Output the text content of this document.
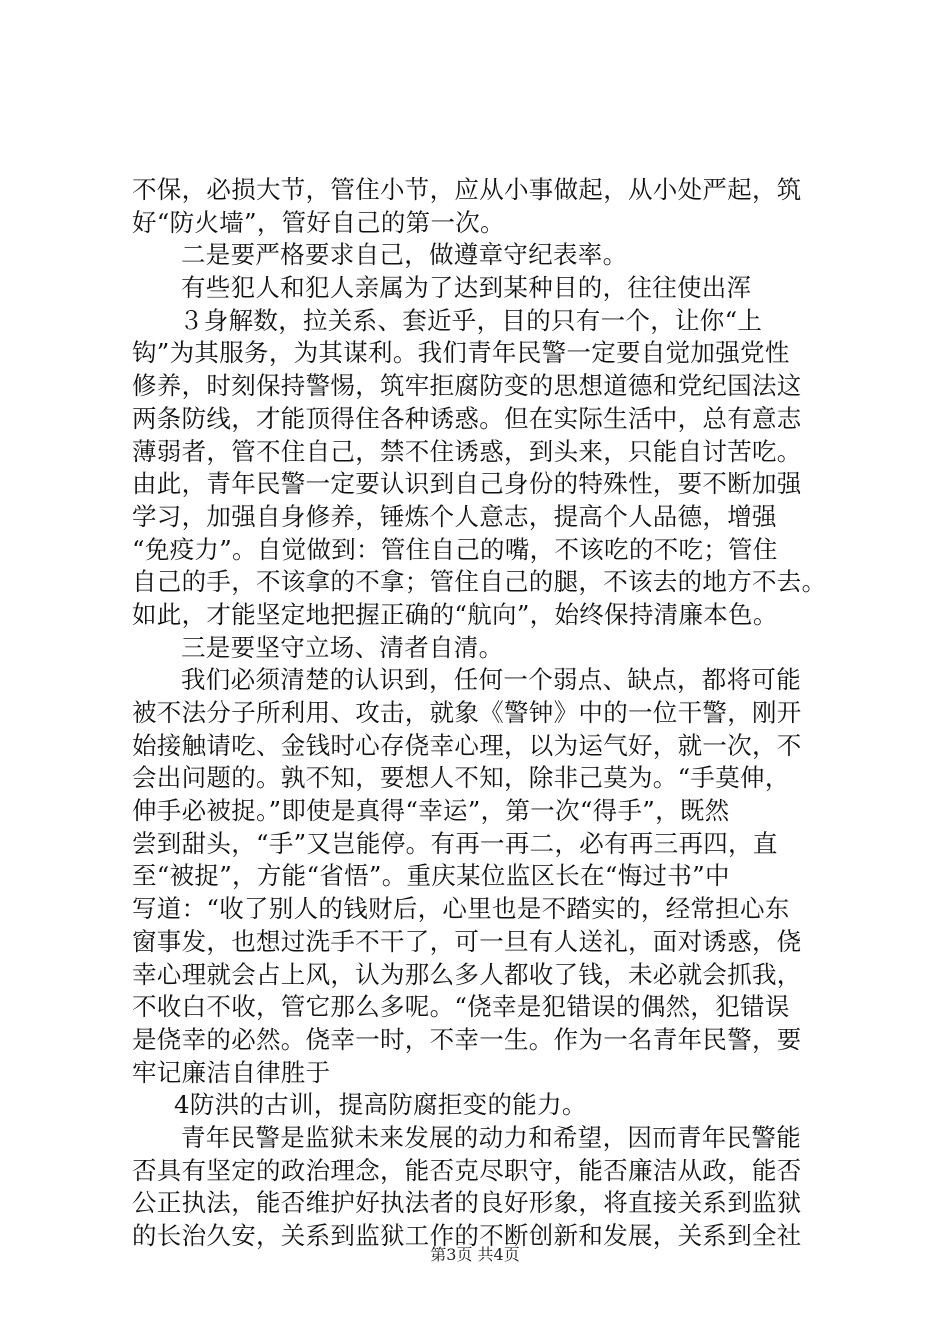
不保，必损大节，管住小节，应从小事做起，从小处严起，筑
好“防火墙”，管好自己的第一次。
二是要严格要求自己，做遵章守纪表率。
有些犯人和犯人亲属为了达到某种目的，往往使出浑
３身解数，拉关系、套近乎，目的只有一个，让你“上
钩”为其服务，为其谋利。我们青年民警一定要自觉加强党性
修养，时刻保持警惕，筑牢拒腐防变的思想道德和党纪国法这
两条防线，才能顶得住各种诱惑。但在实际生活中，总有意志
薄弱者，管不住自己，禁不住诱惑，到头来，只能自讨苦吃。
由此，青年民警一定要认识到自己身份的特殊性，要不断加强
学习，加强自身修养，锤炼个人意志，提高个人品德，增强
“免疫力”。自觉做到：管住自己的嘴，不该吃的不吃；管住
自己的手，不该拿的不拿；管住自己的腿，不该去的地方不去。
如此，才能坚定地把握正确的“航向”，始终保持清廉本色。
三是要坚守立场、清者自清。
我们必须清楚的认识到，任何一个弱点、缺点，都将可能
被不法分子所利用、攻击，就象《警钟》中的一位干警，刚开
始接触请吃、金钱时心存侥幸心理，以为运气好，就一次，不
会出问题的。孰不知，要想人不知，除非己莫为。“手莫伸，
伸手必被捉。”即使是真得“幸运”，第一次“得手”，既然
尝到甜头，“手”又岂能停。有再一再二，必有再三再四，直
至“被捉”，方能“省悟”。重庆某位监区长在“悔过书”中
写道：“收了别人的钱财后，心里也是不踏实的，经常担心东
窗事发，也想过洗手不干了，可一旦有人送礼，面对诱惑，侥
幸心理就会占上风，认为那么多人都收了钱，未必就会抓我，
不收白不收，管它那么多呢。“侥幸是犯错误的偶然，犯错误
是侥幸的必然。侥幸一时，不幸一生。作为一名青年民警，要
牢记廉洁自律胜于
4防洪的古训，提高防腐拒变的能力。
青年民警是监狱未来发展的动力和希望，因而青年民警能
否具有坚定的政治理念，能否克尽职守，能否廉洁从政，能否
公正执法，能否维护好执法者的良好形象，将直接关系到监狱
的长治久安，关系到监狱工作的不断创新和发展，关系到全社
第3页 共4页
